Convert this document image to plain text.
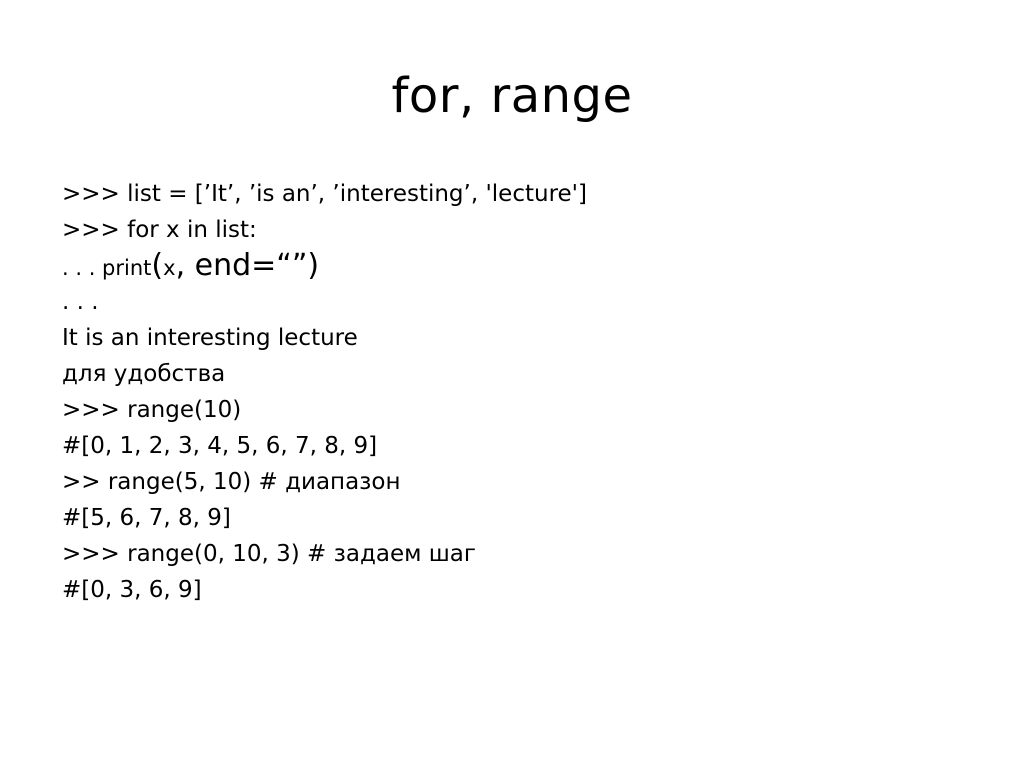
for, range
>>> list = [’It’, ’is an’, ’interesting’, 'lecture']
>>> for x in list:
. . . print(x, end=“”)
. . .
It is an interesting lecture
для удобства
>>> range(10)
#[0, 1, 2, 3, 4, 5, 6, 7, 8, 9]
>> range(5, 10) # диапазон
#[5, 6, 7, 8, 9]
>>> range(0, 10, 3) # задаем шаг
#[0, 3, 6, 9]
